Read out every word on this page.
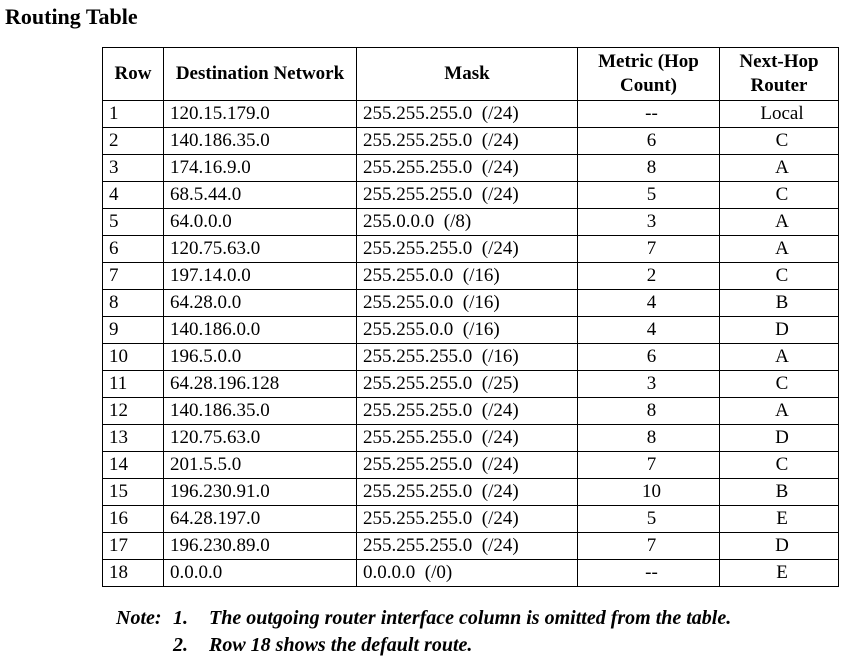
Routing Table
Row	Destination Network	Mask	Metric (Hop Count)	Next-Hop Router
1	120.15.179.0	255.255.255.0  (/24)	--	Local
2	140.186.35.0	255.255.255.0  (/24)	6	C
3	174.16.9.0	255.255.255.0  (/24)	8	A
4	68.5.44.0	255.255.255.0  (/24)	5	C
5	64.0.0.0	255.0.0.0  (/8)	3	A
6	120.75.63.0	255.255.255.0  (/24)	7	A
7	197.14.0.0	255.255.0.0  (/16)	2	C
8	64.28.0.0	255.255.0.0  (/16)	4	B
9	140.186.0.0	255.255.0.0  (/16)	4	D
10	196.5.0.0	255.255.255.0  (/16)	6	A
11	64.28.196.128	255.255.255.0  (/25)	3	C
12	140.186.35.0	255.255.255.0  (/24)	8	A
13	120.75.63.0	255.255.255.0  (/24)	8	D
14	201.5.5.0	255.255.255.0  (/24)	7	C
15	196.230.91.0	255.255.255.0  (/24)	10	B
16	64.28.197.0	255.255.255.0  (/24)	5	E
17	196.230.89.0	255.255.255.0  (/24)	7	D
18	0.0.0.0	0.0.0.0  (/0)	--	E
Note: 1.	The outgoing router interface column is omitted from the table.
2.	Row 18 shows the default route.
